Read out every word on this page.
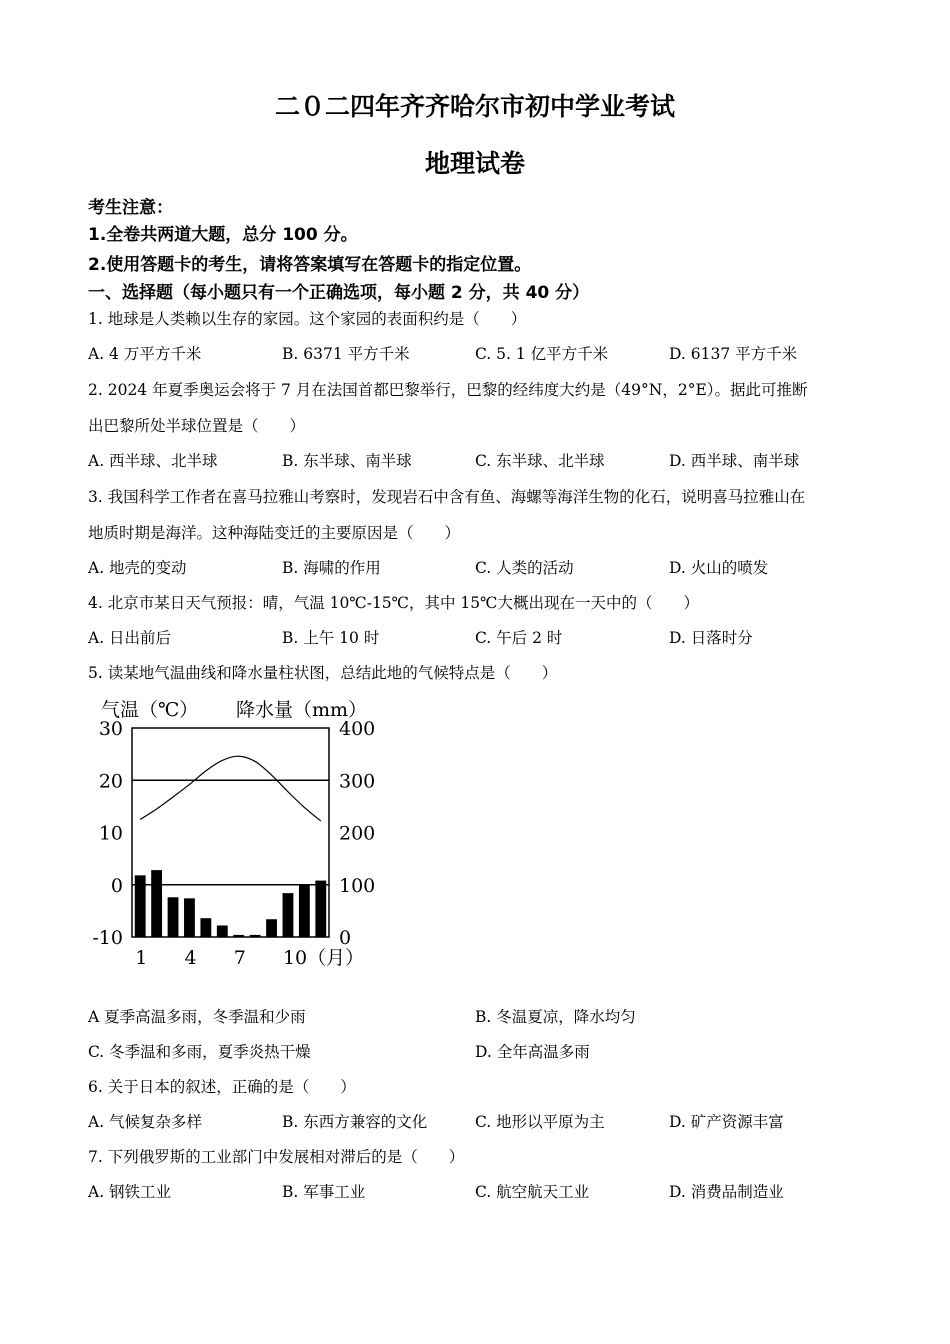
二０二四年齐齐哈尔市初中学业考试
地理试卷
考生注意：
1.全卷共两道大题，总分 100 分。
2.使用答题卡的考生，请将答案填写在答题卡的指定位置。
一、选择题（每小题只有一个正确选项，每小题 2 分，共 40 分）
1. 地球是人类赖以生存的家园。这个家园的表面积约是（　　）
A. 4 万平方千米	B. 6371 平方千米	C. 5. 1 亿平方千米	D. 6137 平方千米
2. 2024 年夏季奥运会将于 7 月在法国首都巴黎举行，巴黎的经纬度大约是（49°N，2°E）。据此可推断
出巴黎所处半球位置是（　　）
A. 西半球、北半球	B. 东半球、南半球	C. 东半球、北半球	D. 西半球、南半球
3. 我国科学工作者在喜马拉雅山考察时，发现岩石中含有鱼、海螺等海洋生物的化石，说明喜马拉雅山在
地质时期是海洋。这种海陆变迁的主要原因是（　　）
A. 地壳的变动	B. 海啸的作用	C. 人类的活动	D. 火山的喷发
4. 北京市某日天气预报：晴，气温 10℃-15℃，其中 15℃大概出现在一天中的（　　）
A. 日出前后	B. 上午 10 时	C. 午后 2 时	D. 日落时分
5. 读某地气温曲线和降水量柱状图，总结此地的气候特点是（　　）
气温（℃） 降水量（mm）
30
20
10
0
-10
400
300
200
100
0
1 4 7 10（月）
A 夏季高温多雨，冬季温和少雨	B. 冬温夏凉，降水均匀
C. 冬季温和多雨，夏季炎热干燥	D. 全年高温多雨
6. 关于日本的叙述，正确的是（　　）
A. 气候复杂多样	B. 东西方兼容的文化	C. 地形以平原为主	D. 矿产资源丰富
7. 下列俄罗斯的工业部门中发展相对滞后的是（　　）
A. 钢铁工业	B. 军事工业	C. 航空航天工业	D. 消费品制造业
